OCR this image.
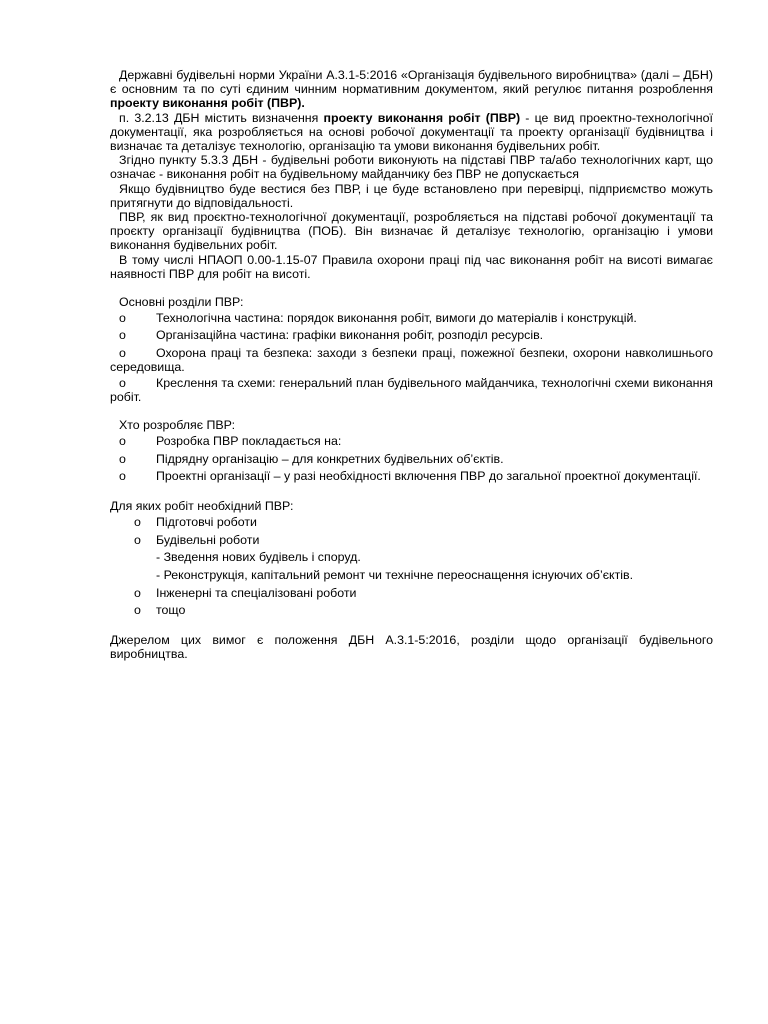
Державні будівельні норми України А.3.1-5:2016 «Організація будівельного виробництва» (далі – ДБН) є основним та по суті єдиним чинним нормативним документом, який регулює питання розроблення проекту виконання робіт (ПВР).

п. 3.2.13 ДБН містить визначення проекту виконання робіт (ПВР) - це вид проектно-технологічної документації, яка розробляється на основі робочої документації та проекту організації будівництва і визначає та деталізує технологію, організацію та умови виконання будівельних робіт.

Згідно пункту 5.3.3 ДБН - будівельні роботи виконують на підставі ПВР та/або технологічних карт, що означає - виконання робіт на будівельному майданчику без ПВР не допускається

Якщо будівництво буде вестися без ПВР, і це буде встановлено при перевірці, підприємство можуть притягнути до відповідальності.

ПВР, як вид проєктно-технологічної документації, розробляється на підставі робочої документації та проєкту організації будівництва (ПОБ). Він визначає й деталізує технологію, організацію і умови виконання будівельних робіт.

В тому числі НПАОП 0.00-1.15-07 Правила охорони праці під час виконання робіт на висоті вимагає наявності ПВР для робіт на висоті.

Основні розділи ПВР:

o	Технологічна частина: порядок виконання робіт, вимоги до матеріалів і конструкцій.

o	Організаційна частина: графіки виконання робіт, розподіл ресурсів.

o	Охорона праці та безпека: заходи з безпеки праці, пожежної безпеки, охорони навколишнього середовища.

o	Креслення та схеми: генеральний план будівельного майданчика, технологічні схеми виконання робіт.

Хто розробляє ПВР:

o	Розробка ПВР покладається на:

o	Підрядну організацію – для конкретних будівельних об’єктів.

o	Проектні організації – у разі необхідності включення ПВР до загальної проектної документації.

Для яких робіт необхідний ПВР:

o	Підготовчі роботи

o	Будівельні роботи

- Зведення нових будівель і споруд.

- Реконструкція, капітальний ремонт чи технічне переоснащення існуючих об’єктів.

o	Інженерні та спеціалізовані роботи

o	тощо

Джерелом цих вимог є положення ДБН А.3.1-5:2016, розділи щодо організації будівельного виробництва.
